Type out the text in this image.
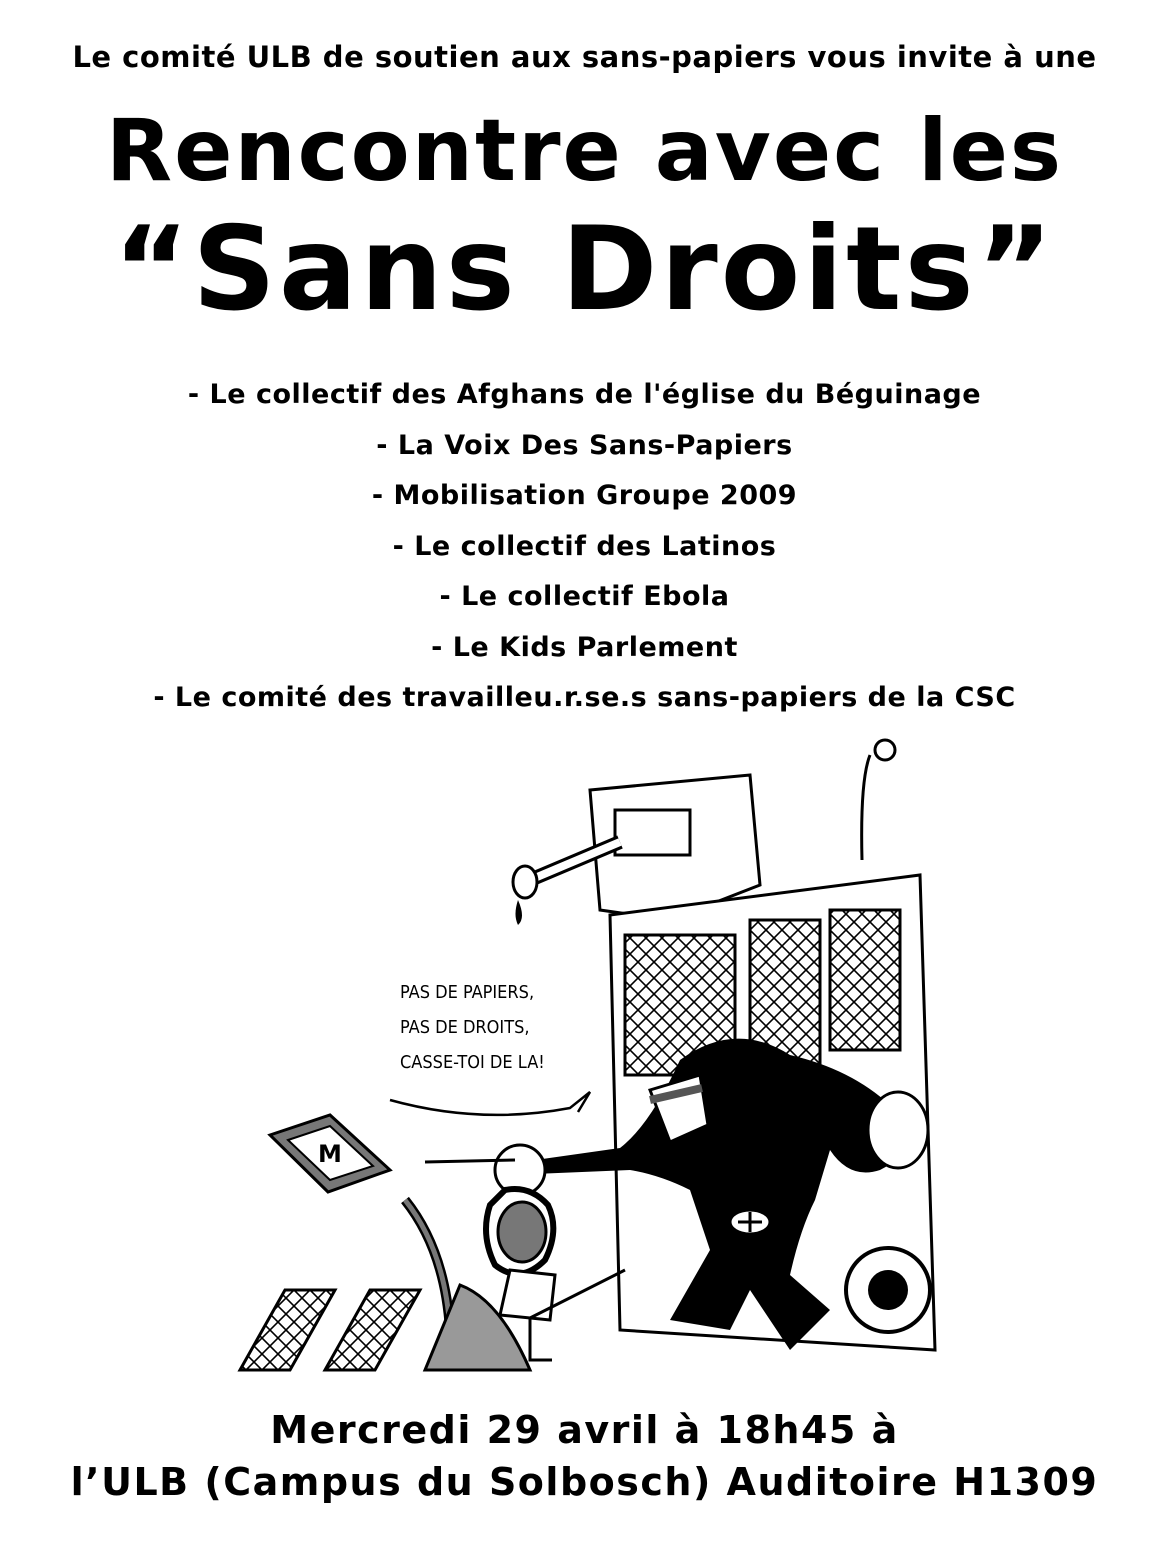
Le comité ULB de soutien aux sans-papiers vous invite à une
Rencontre avec les
“Sans Droits”
- Le collectif des Afghans de l'église du Béguinage
- La Voix Des Sans-Papiers
- Mobilisation Groupe 2009
- Le collectif des Latinos
- Le collectif Ebola
- Le Kids Parlement
- Le comité des travailleu.r.se.s sans-papiers de la CSC
PAS DE PAPIERS,
PAS DE DROITS,
CASSE-TOI DE LA!
M
Mercredi 29 avril à 18h45 à
l’ULB (Campus du Solbosch) Auditoire H1309
